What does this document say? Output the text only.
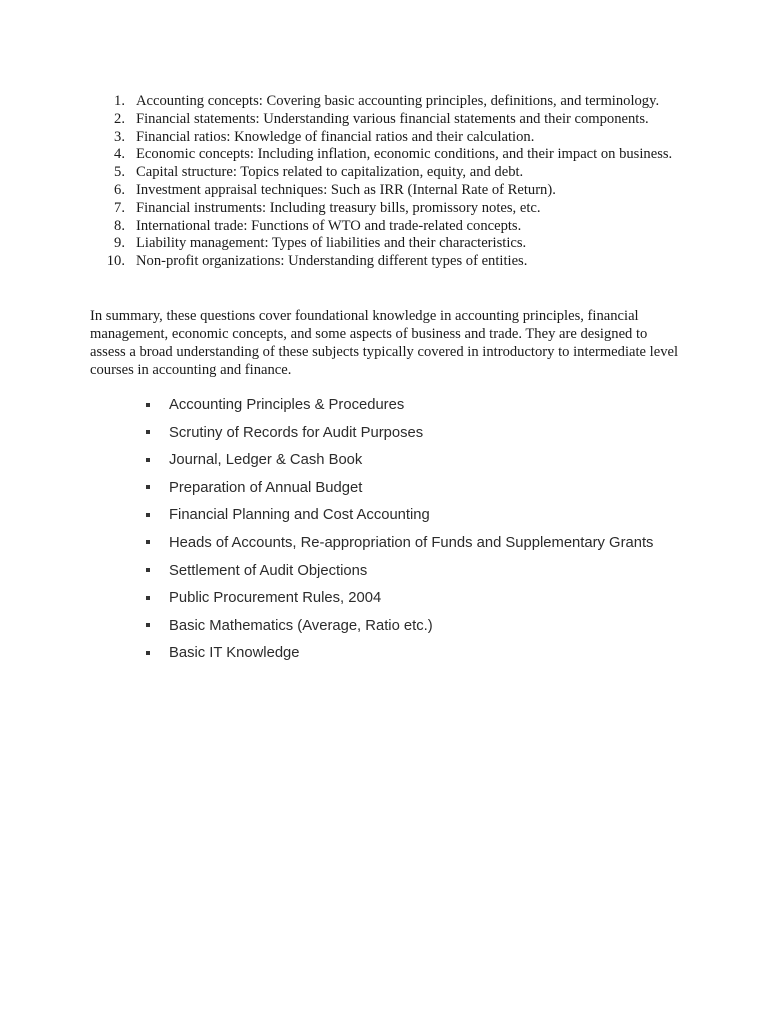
1. Accounting concepts: Covering basic accounting principles, definitions, and terminology.
2. Financial statements: Understanding various financial statements and their components.
3. Financial ratios: Knowledge of financial ratios and their calculation.
4. Economic concepts: Including inflation, economic conditions, and their impact on business.
5. Capital structure: Topics related to capitalization, equity, and debt.
6. Investment appraisal techniques: Such as IRR (Internal Rate of Return).
7. Financial instruments: Including treasury bills, promissory notes, etc.
8. International trade: Functions of WTO and trade-related concepts.
9. Liability management: Types of liabilities and their characteristics.
10. Non-profit organizations: Understanding different types of entities.

In summary, these questions cover foundational knowledge in accounting principles, financial management, economic concepts, and some aspects of business and trade. They are designed to assess a broad understanding of these subjects typically covered in introductory to intermediate level courses in accounting and finance.

Accounting Principles & Procedures
Scrutiny of Records for Audit Purposes
Journal, Ledger & Cash Book
Preparation of Annual Budget
Financial Planning and Cost Accounting
Heads of Accounts, Re-appropriation of Funds and Supplementary Grants
Settlement of Audit Objections
Public Procurement Rules, 2004
Basic Mathematics (Average, Ratio etc.)
Basic IT Knowledge
